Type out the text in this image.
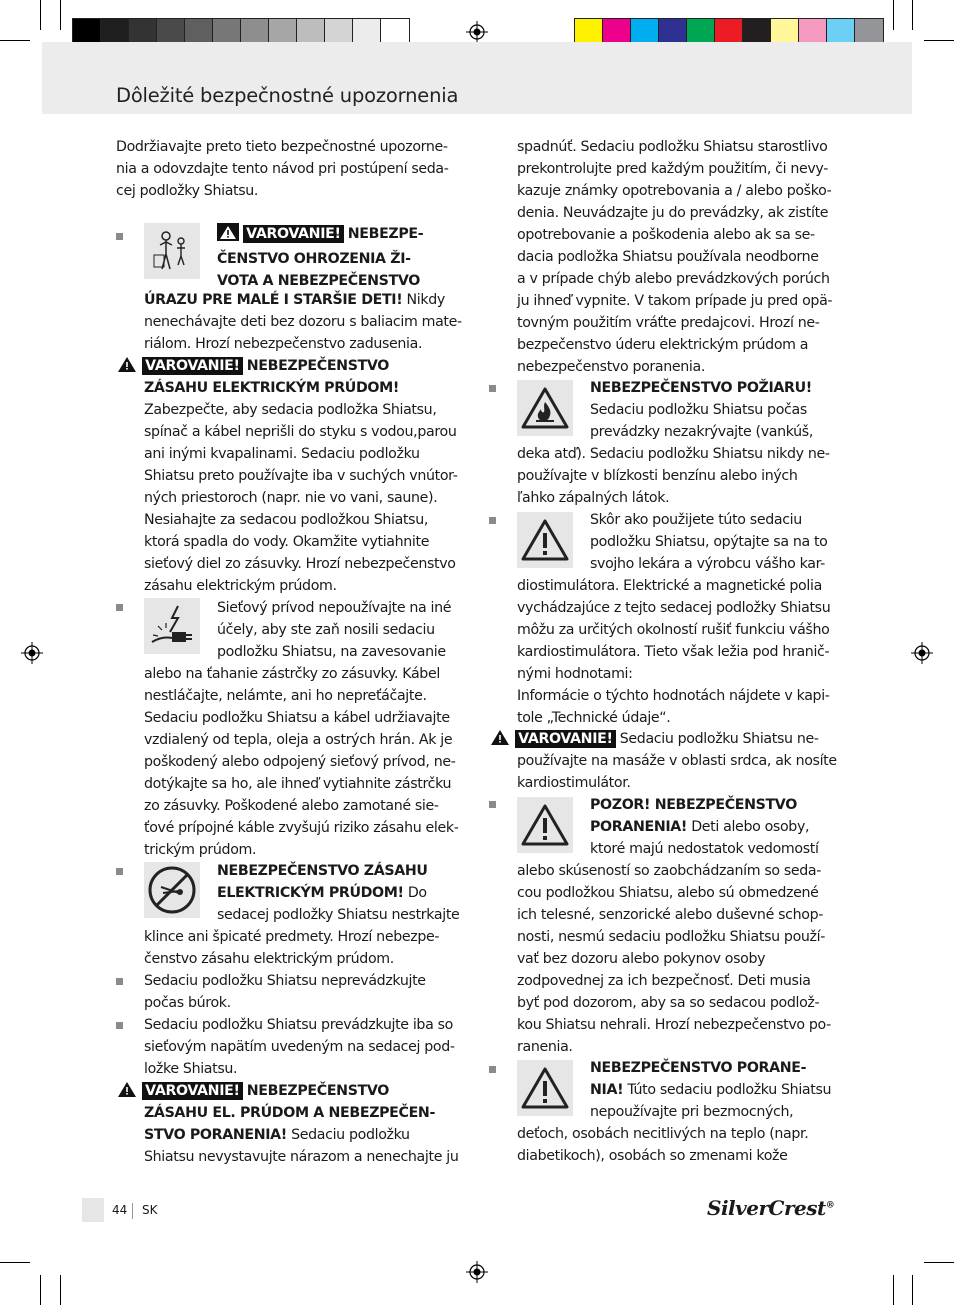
Dôležité bezpečnostné upozornenia

Dodržiavajte preto tieto bezpečnostné upozorne-
nia a odovzdajte tento návod pri postúpení seda-
cej podložky Shiatsu.

VAROVANIE! NEBEZPE-

ČENSTVO OHROZENIA ŽI-

VOTA A NEBEZPEČENSTVO

ÚRAZU PRE MALÉ I STARŠIE DETI! Nikdy

nenechávajte deti bez dozoru s baliacim mate-

riálom. Hrozí nebezpečenstvo zadusenia.

VAROVANIE! NEBEZPEČENSTVO

ZÁSAHU ELEKTRICKÝM PRÚDOM!

Zabezpečte, aby sedacia podložka Shiatsu,

spínač a kábel neprišli do styku s vodou,parou

ani inými kvapalinami. Sedaciu podložku

Shiatsu preto používajte iba v suchých vnútor-

ných priestoroch (napr. nie vo vani, saune).

Nesiahajte za sedacou podložkou Shiatsu,

ktorá spadla do vody. Okamžite vytiahnite

sieťový diel zo zásuvky. Hrozí nebezpečenstvo

zásahu elektrickým prúdom.

Sieťový prívod nepoužívajte na iné

účely, aby ste zaň nosili sedaciu

podložku Shiatsu, na zavesovanie

alebo na ťahanie zástrčky zo zásuvky. Kábel

nestláčajte, nelámte, ani ho nepreťáčajte.

Sedaciu podložku Shiatsu a kábel udržiavajte

vzdialený od tepla, oleja a ostrých hrán. Ak je

poškodený alebo odpojený sieťový prívod, ne-

dotýkajte sa ho, ale ihneď vytiahnite zástrčku

zo zásuvky. Poškodené alebo zamotané sie-

ťové prípojné káble zvyšujú riziko zásahu elek-

trickým prúdom.

NEBEZPEČENSTVO ZÁSAHU

ELEKTRICKÝM PRÚDOM! Do

sedacej podložky Shiatsu nestrkajte

klince ani špicaté predmety. Hrozí nebezpe-

čenstvo zásahu elektrickým prúdom.

Sedaciu podložku Shiatsu neprevádzkujte

počas búrok.

Sedaciu podložku Shiatsu prevádzkujte iba so

sieťovým napätím uvedeným na sedacej pod-

ložke Shiatsu.

VAROVANIE! NEBEZPEČENSTVO

ZÁSAHU EL. PRÚDOM A NEBEZPEČEN-

STVO PORANENIA! Sedaciu podložku

Shiatsu nevystavujte nárazom a nenechajte ju

spadnúť. Sedaciu podložku Shiatsu starostlivo

prekontrolujte pred každým použitím, či nevy-

kazuje známky opotrebovania a / alebo poško-

denia. Neuvádzajte ju do prevádzky, ak zistíte

opotrebovanie a poškodenia alebo ak sa se-

dacia podložka Shiatsu používala neodborne

a v prípade chýb alebo prevádzkových porúch

ju ihneď vypnite. V takom prípade ju pred opä-

tovným použitím vráťte predajcovi. Hrozí ne-

bezpečenstvo úderu elektrickým prúdom a

nebezpečenstvo poranenia.

NEBEZPEČENSTVO POŽIARU!

Sedaciu podložku Shiatsu počas

prevádzky nezakrývajte (vankúš,

deka atď). Sedaciu podložku Shiatsu nikdy ne-

používajte v blízkosti benzínu alebo iných

ľahko zápalných látok.

Skôr ako použijete túto sedaciu

podložku Shiatsu, opýtajte sa na to

svojho lekára a výrobcu vášho kar-

diostimulátora. Elektrické a magnetické polia

vychádzajúce z tejto sedacej podložky Shiatsu

môžu za určitých okolností rušiť funkciu vášho

kardiostimulátora. Tieto však ležia pod hranič-

nými hodnotami:

Informácie o týchto hodnotách nájdete v kapi-

tole „Technické údaje“.

VAROVANIE! Sedaciu podložku Shiatsu ne-

používajte na masáže v oblasti srdca, ak nosíte

kardiostimulátor.

POZOR! NEBEZPEČENSTVO

PORANENIA! Deti alebo osoby,

ktoré majú nedostatok vedomostí

alebo skúseností so zaobchádzaním so seda-

cou podložkou Shiatsu, alebo sú obmedzené

ich telesné, senzorické alebo duševné schop-

nosti, nesmú sedaciu podložku Shiatsu použí-

vať bez dozoru alebo pokynov osoby

zodpovednej za ich bezpečnosť. Deti musia

byť pod dozorom, aby sa so sedacou podlož-

kou Shiatsu nehrali. Hrozí nebezpečenstvo po-

ranenia.

NEBEZPEČENSTVO PORANE-

NIA! Túto sedaciu podložku Shiatsu

nepoužívajte pri bezmocných,

deťoch, osobách necitlivých na teplo (napr.

diabetikoch), osobách so zmenami kože

44 SK	SilverCrest®
